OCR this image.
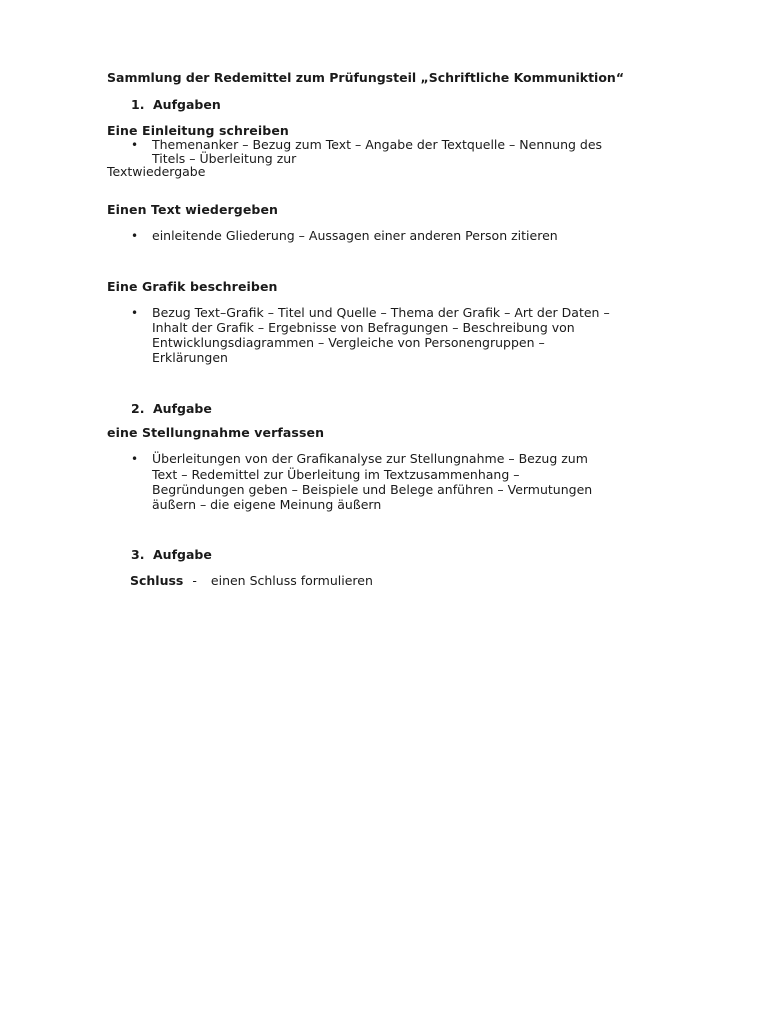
Sammlung der Redemittel zum Prüfungsteil „Schriftliche Kommuniktion“
1. Aufgaben
Eine Einleitung schreiben
• Themenanker – Bezug zum Text – Angabe der Textquelle – Nennung des
Titels – Überleitung zur
Textwiedergabe
Einen Text wiedergeben
• einleitende Gliederung – Aussagen einer anderen Person zitieren
Eine Grafik beschreiben
• Bezug Text–Grafik – Titel und Quelle – Thema der Grafik – Art der Daten –
Inhalt der Grafik – Ergebnisse von Befragungen – Beschreibung von
Entwicklungsdiagrammen – Vergleiche von Personengruppen –
Erklärungen
2. Aufgabe
eine Stellungnahme verfassen
• Überleitungen von der Grafikanalyse zur Stellungnahme – Bezug zum
Text – Redemittel zur Überleitung im Textzusammenhang –
Begründungen geben – Beispiele und Belege anführen – Vermutungen
äußern – die eigene Meinung äußern
3. Aufgabe
Schluss - einen Schluss formulieren
